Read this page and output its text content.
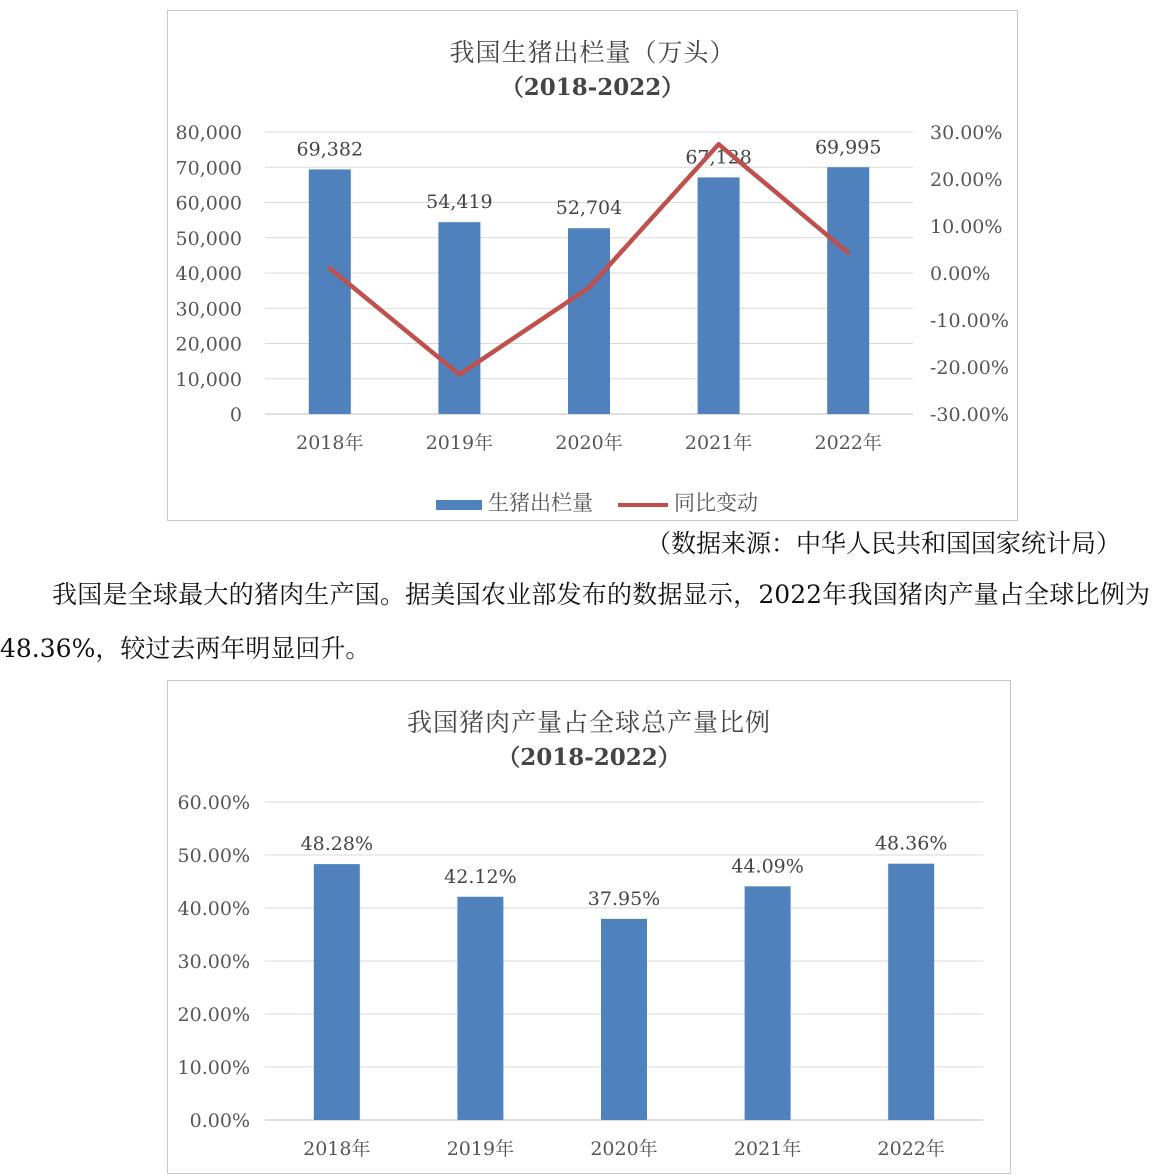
我国生猪出栏量（万头）
（2018-2022）
0
10,000
20,000
30,000
40,000
50,000
60,000
70,000
80,000
-30.00%
-20.00%
-10.00%
0.00%
10.00%
20.00%
30.00%
69,382
54,419	52,704
67,128	69,995
2018年	2019年	2020年	2021年	2022年
生猪出栏量	同比变动
（数据来源：中华人民共和国国家统计局）

我国是全球最大的猪肉生产国。据美国农业部发布的数据显示，2022年我国猪肉产量占全球比例为48.36%，较过去两年明显回升。

我国猪肉产量占全球总产量比例
（2018-2022）
0.00%
10.00%
20.00%
30.00%
40.00%
50.00%
60.00%
48.28%
42.12%
37.95%
44.09%
48.36%
2018年	2019年	2020年	2021年	2022年
